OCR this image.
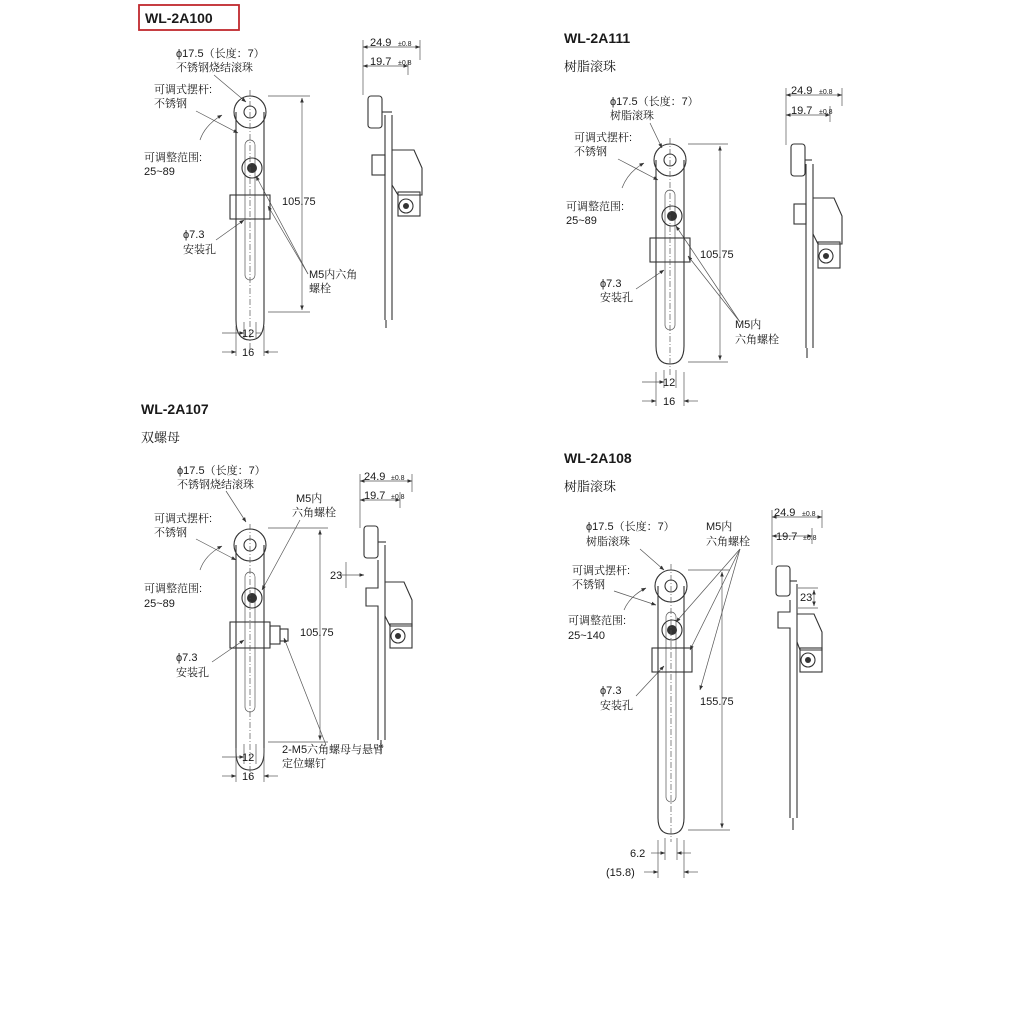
WL-2A100
ϕ17.5（长度：7）
不锈钢烧结滚珠
可调式摆杆:
不锈钢
可调整范围:
25~89
ϕ7.3
安装孔
M5内六角
螺栓
105.75
12
16
24.9 ±0.8
19.7 ±0.8
WL-2A111
树脂滚珠
ϕ17.5（长度：7）
树脂滚珠
可调式摆杆:
不锈钢
可调整范围:
25~89
ϕ7.3
安装孔
M5内
六角螺栓
105.75
12
16
24.9 ±0.8
19.7 ±0.8
WL-2A107
双螺母
ϕ17.5（长度：7）
不锈钢烧结滚珠
M5内
六角螺栓
可调式摆杆:
不锈钢
可调整范围:
25~89
ϕ7.3
安装孔
2-M5六角螺母与悬臂
定位螺钉
105.75
12
16
24.9 ±0.8
19.7 ±0.8
23
WL-2A108
树脂滚珠
ϕ17.5（长度：7）
树脂滚珠
M5内
六角螺栓
可调式摆杆:
不锈钢
可调整范围:
25~140
ϕ7.3
安装孔	155.75
6.2
(15.8)
24.9 ±0.8
19.7 ±0.8
23
